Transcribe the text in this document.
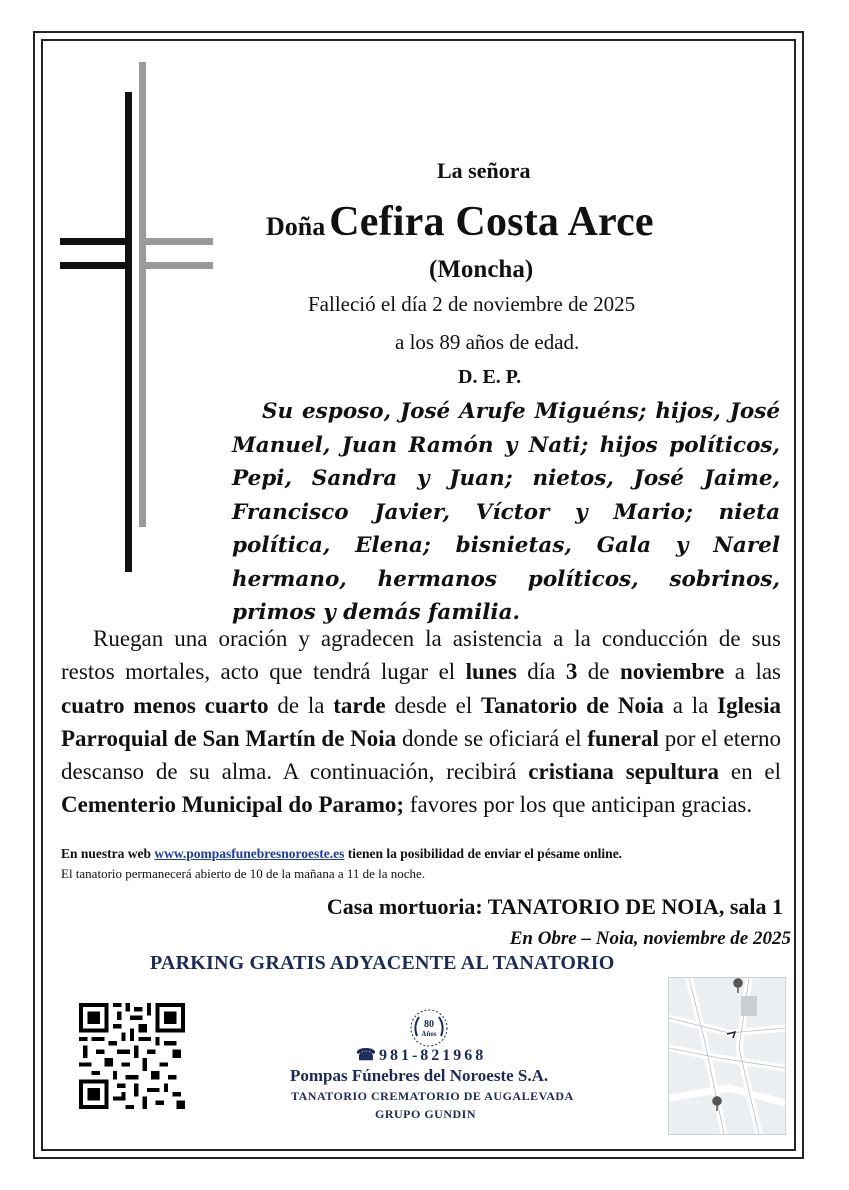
La señora
Doña Cefira Costa Arce
(Moncha)
Falleció el día 2 de noviembre de 2025
a los 89 años de edad.
D. E. P.
Su esposo, José Arufe Miguéns; hijos, José Manuel, Juan Ramón y Nati; hijos políticos, Pepi, Sandra y Juan; nietos, José Jaime, Francisco Javier, Víctor y Mario; nieta política, Elena; bisnietas, Gala y Narel hermano, hermanos políticos, sobrinos, primos y demás familia.

Ruegan una oración y agradecen la asistencia a la conducción de sus restos mortales, acto que tendrá lugar el lunes día 3 de noviembre a las cuatro menos cuarto de la tarde desde el Tanatorio de Noia a la Iglesia Parroquial de San Martín de Noia donde se oficiará el funeral por el eterno descanso de su alma. A continuación, recibirá cristiana sepultura en el Cementerio Municipal do Paramo; favores por los que anticipan gracias.

En nuestra web www.pompasfunebresnoroeste.es tienen la posibilidad de enviar el pésame online.
El tanatorio permanecerá abierto de 10 de la mañana a 11 de la noche.
Casa mortuoria: TANATORIO DE NOIA, sala 1
En Obre – Noia, noviembre de 2025
PARKING GRATIS ADYACENTE AL TANATORIO
80
Años
☎981-821968
Pompas Fúnebres del Noroeste S.A.
TANATORIO CREMATORIO DE AUGALEVADA
GRUPO GUNDIN
